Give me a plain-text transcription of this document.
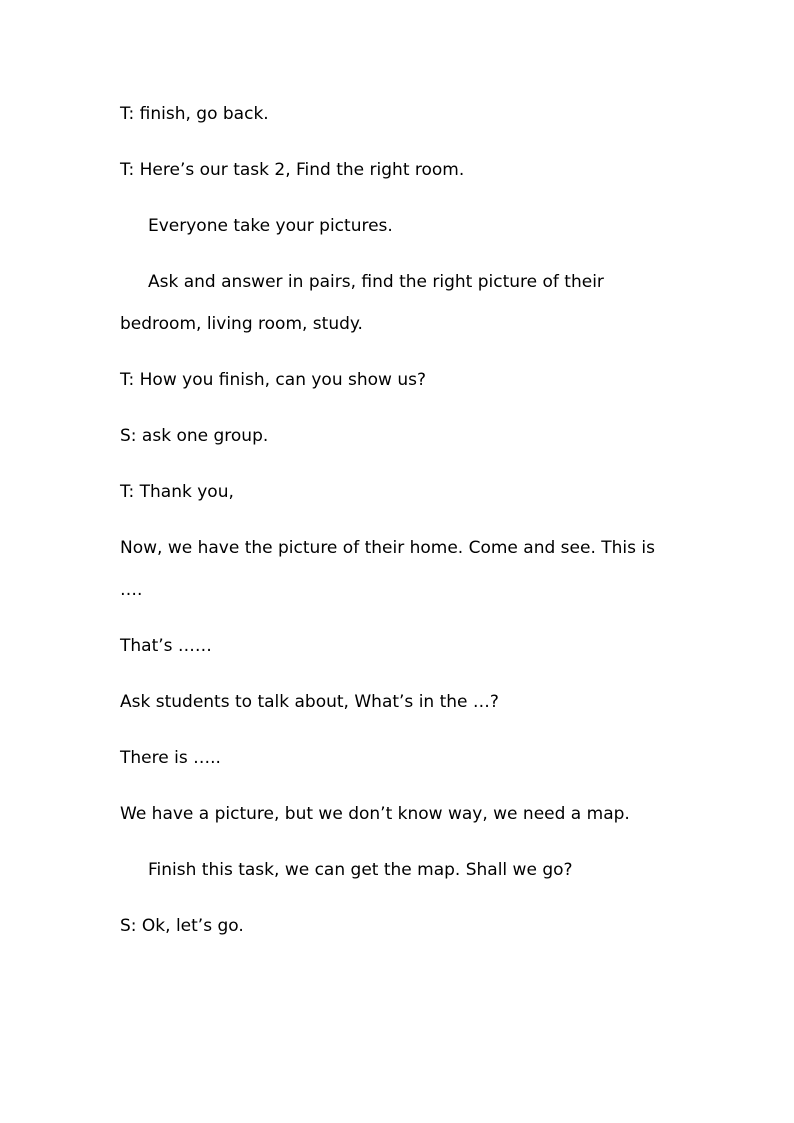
T: finish, go back.

T: Here’s our task 2, Find the right room.

Everyone take your pictures.

Ask and answer in pairs, find the right picture of their bedroom, living room, study.

T: How you finish, can you show us?

S: ask one group.

T: Thank you,

Now, we have the picture of their home. Come and see. This is ….

That’s ……

Ask students to talk about, What’s in the …?

There is …..

We have a picture, but we don’t know way, we need a map.

Finish this task, we can get the map. Shall we go?

S: Ok, let’s go.
